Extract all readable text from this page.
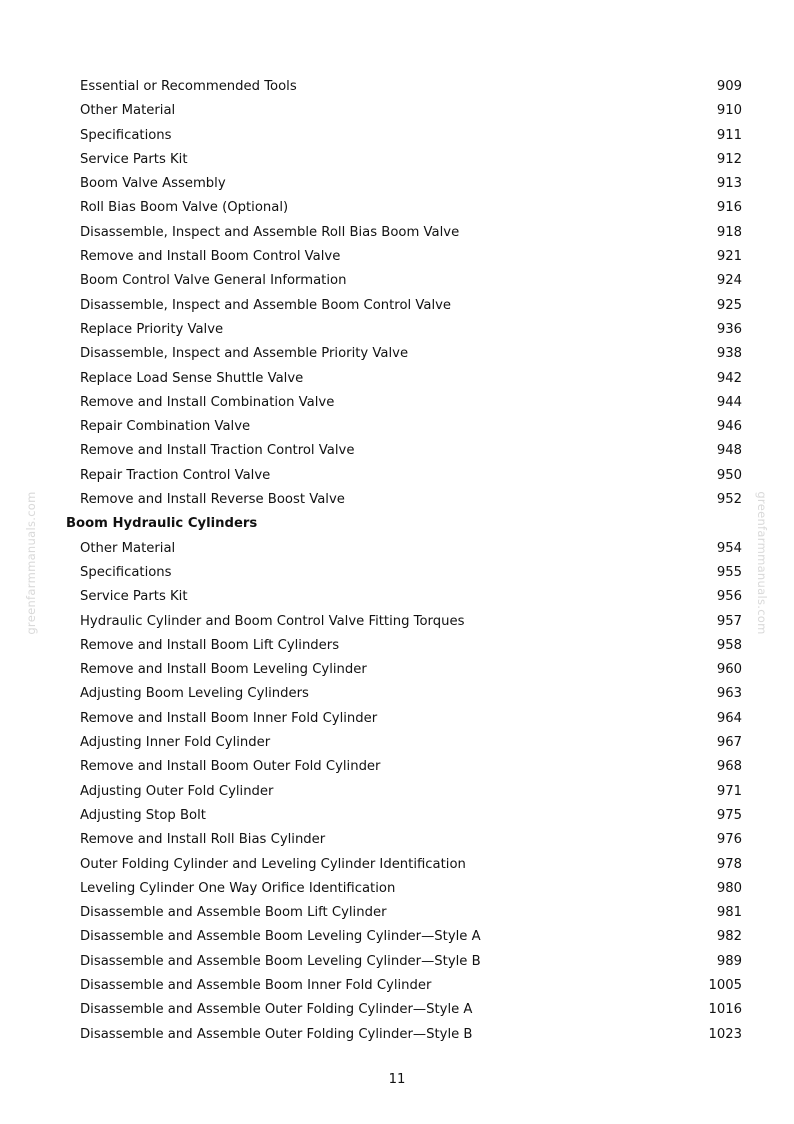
Essential or Recommended Tools	909
Other Material	910
Specifications	911
Service Parts Kit	912
Boom Valve Assembly	913
Roll Bias Boom Valve (Optional)	916
Disassemble, Inspect and Assemble Roll Bias Boom Valve	918
Remove and Install Boom Control Valve	921
Boom Control Valve General Information	924
Disassemble, Inspect and Assemble Boom Control Valve	925
Replace Priority Valve	936
Disassemble, Inspect and Assemble Priority Valve	938
Replace Load Sense Shuttle Valve	942
Remove and Install Combination Valve	944
Repair Combination Valve	946
Remove and Install Traction Control Valve	948
Repair Traction Control Valve	950
Remove and Install Reverse Boost Valve	952
Boom Hydraulic Cylinders
Other Material	954
Specifications	955
Service Parts Kit	956
Hydraulic Cylinder and Boom Control Valve Fitting Torques	957
Remove and Install Boom Lift Cylinders	958
Remove and Install Boom Leveling Cylinder	960
Adjusting Boom Leveling Cylinders	963
Remove and Install Boom Inner Fold Cylinder	964
Adjusting Inner Fold Cylinder	967
Remove and Install Boom Outer Fold Cylinder	968
Adjusting Outer Fold Cylinder	971
Adjusting Stop Bolt	975
Remove and Install Roll Bias Cylinder	976
Outer Folding Cylinder and Leveling Cylinder Identification	978
Leveling Cylinder One Way Orifice Identification	980
Disassemble and Assemble Boom Lift Cylinder	981
Disassemble and Assemble Boom Leveling Cylinder—Style A	982
Disassemble and Assemble Boom Leveling Cylinder—Style B	989
Disassemble and Assemble Boom Inner Fold Cylinder	1005
Disassemble and Assemble Outer Folding Cylinder—Style A	1016
Disassemble and Assemble Outer Folding Cylinder—Style B	1023
greenfarmmanuals.com	greenfarmmanuals.com
11
